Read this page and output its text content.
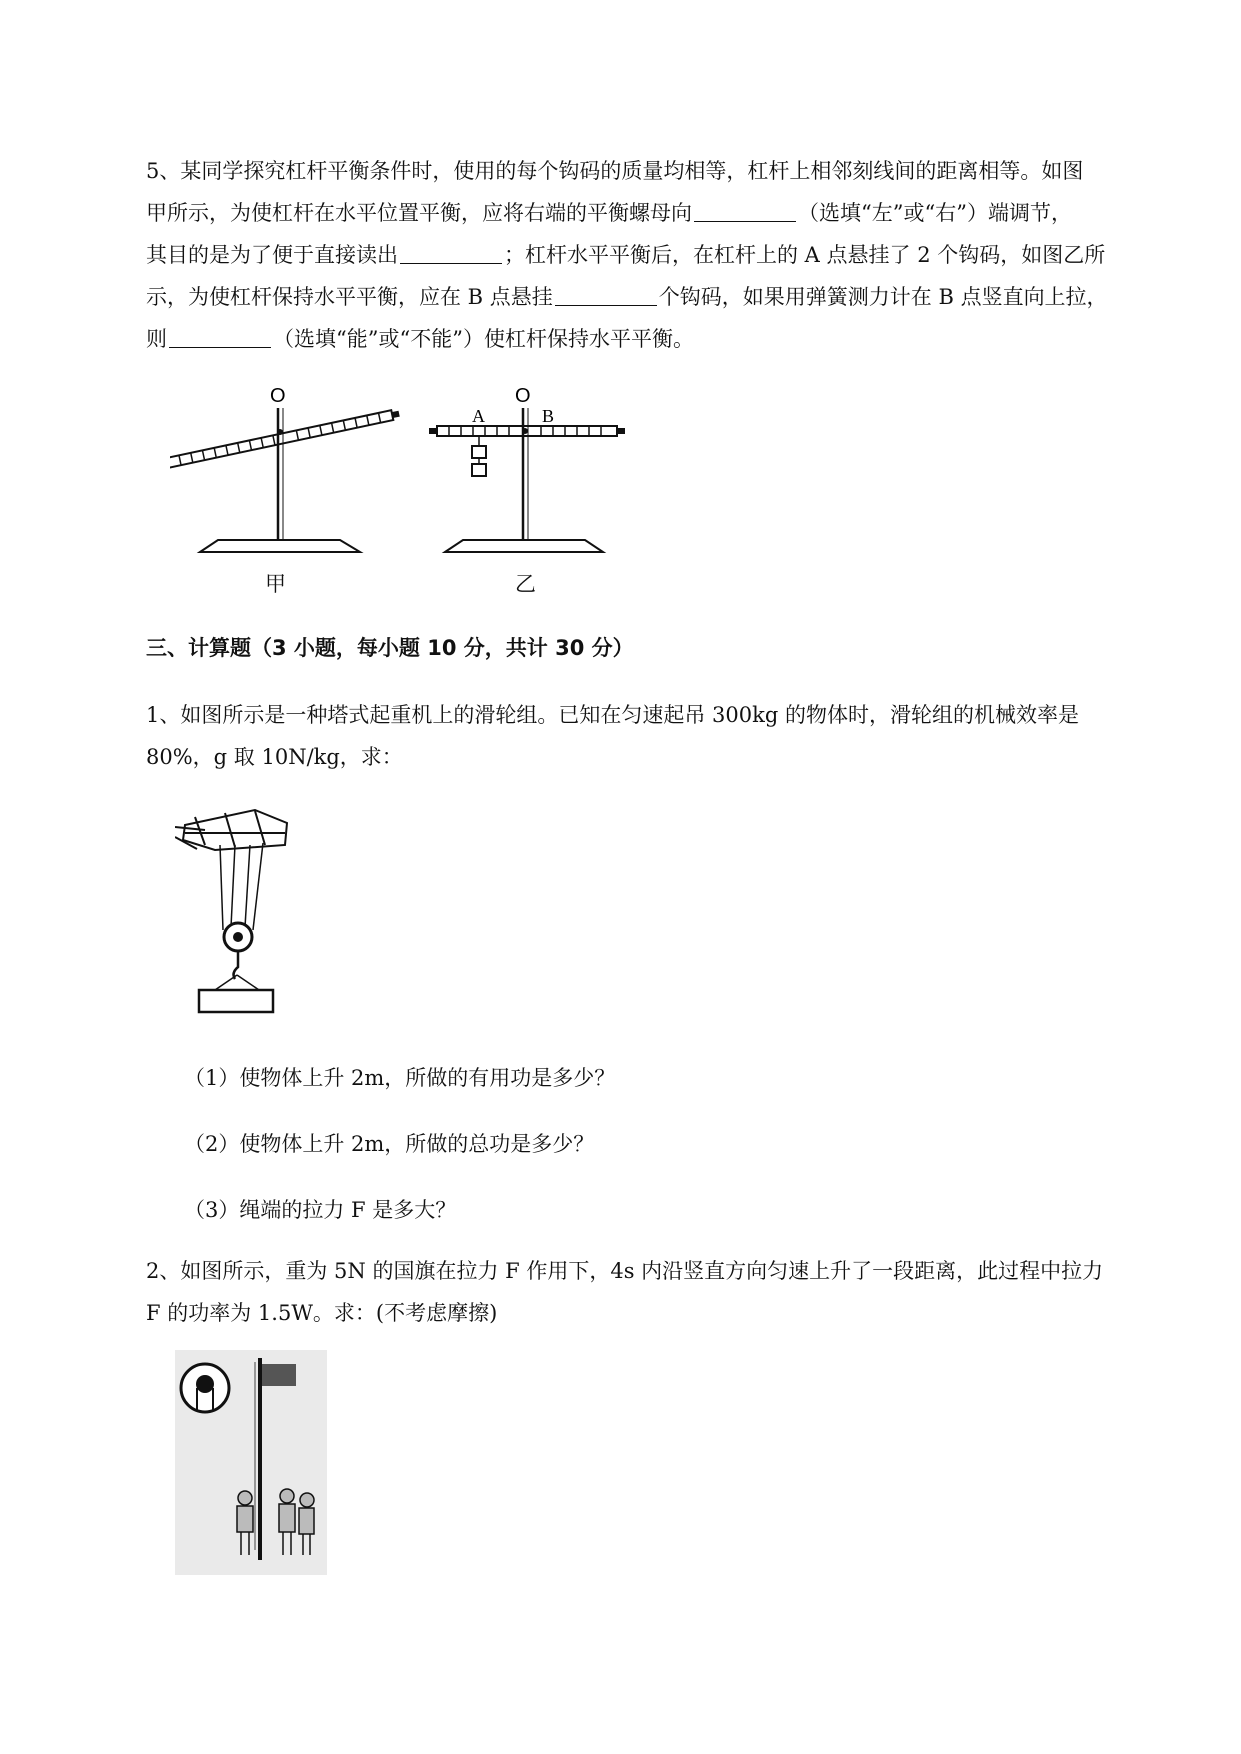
5、某同学探究杠杆平衡条件时，使用的每个钩码的质量均相等，杠杆上相邻刻线间的距离相等。如图
甲所示，为使杠杆在水平位置平衡，应将右端的平衡螺母向	（选填“左”或“右”）端调节，
其目的是为了便于直接读出	；杠杆水平平衡后，在杠杆上的 A 点悬挂了 2 个钩码，如图乙所
示，为使杠杆保持水平平衡，应在 B 点悬挂	个钩码，如果用弹簧测力计在 B 点竖直向上拉，
则	（选填“能”或“不能”）使杠杆保持水平平衡。
O
甲
O
A	B
乙
三、计算题（3 小题，每小题 10 分，共计 30 分）
1、如图所示是一种塔式起重机上的滑轮组。已知在匀速起吊 300kg 的物体时，滑轮组的机械效率是
80%，g 取 10N/kg，求：
（1）使物体上升 2m，所做的有用功是多少？
（2）使物体上升 2m，所做的总功是多少？
（3）绳端的拉力 F 是多大？
2、如图所示，重为 5N 的国旗在拉力 F 作用下，4s 内沿竖直方向匀速上升了一段距离，此过程中拉力
F 的功率为 1.5W。求：(不考虑摩擦)
